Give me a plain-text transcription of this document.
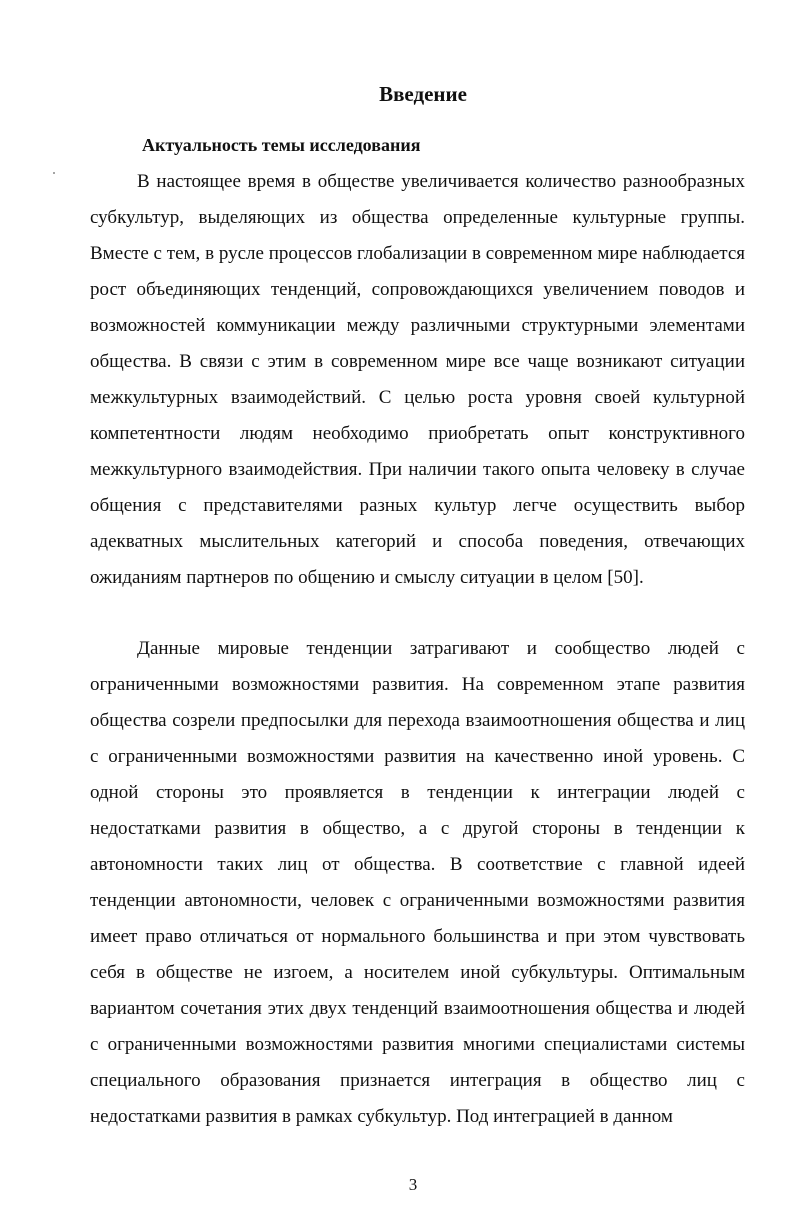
Введение
Актуальность темы исследования

В настоящее время в обществе увеличивается количество разнообразных субкультур, выделяющих из общества определенные культурные группы. Вместе с тем, в русле процессов глобализации в современном мире наблюдается рост объединяющих тенденций, сопровождающихся увеличением поводов и возможностей коммуникации между различными структурными элементами общества. В связи с этим в современном мире все чаще возникают ситуации межкультурных взаимодействий. С целью роста уровня своей культурной компетентности людям необходимо приобретать опыт конструктивного межкультурного взаимодействия. При наличии такого опыта человеку в случае общения с представителями разных культур легче осуществить выбор адекватных мыслительных категорий и способа поведения, отвечающих ожиданиям партнеров по общению и смыслу ситуации в целом [50].

Данные мировые тенденции затрагивают и сообщество людей с ограниченными возможностями развития. На современном этапе развития общества созрели предпосылки для перехода взаимоотношения общества и лиц с ограниченными возможностями развития на качественно иной уровень. С одной стороны это проявляется в тенденции к интеграции людей с недостатками развития в общество, а с другой стороны в тенденции к автономности таких лиц от общества. В соответствие с главной идеей тенденции автономности, человек с ограниченными возможностями развития имеет право отличаться от нормального большинства и при этом чувствовать себя в обществе не изгоем, а носителем иной субкультуры. Оптимальным вариантом сочетания этих двух тенденций взаимоотношения общества и людей с ограниченными возможностями развития многими специалистами системы специального образования признается интеграция в общество лиц с недостатками развития в рамках субкультур. Под интеграцией в данном

3
